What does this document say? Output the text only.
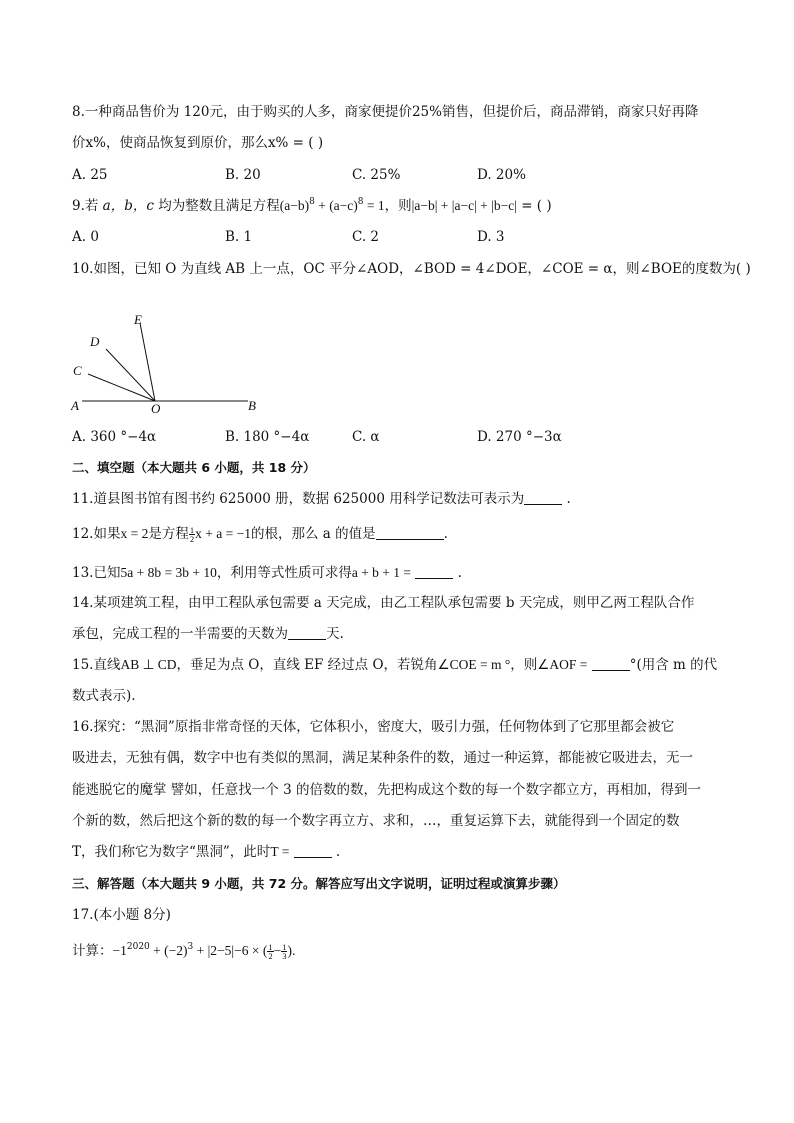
8.一种商品售价为 120元，由于购买的人多，商家便提价25%销售，但提价后，商品滞销，商家只好再降
价x%，使商品恢复到原价，那么x% = ( )
A. 25	B. 20	C. 25%	D. 20%
9.若 a，b，c 均为整数且满足方程$(a-b)^8 + (a-c)^8 = 1$，则|a−b| + |a−c| + |b−c| = ( )
A. 0	B. 1	C. 2	D. 3
10.如图，已知 O 为直线 AB 上一点，OC 平分∠AOD，∠BOD = 4∠DOE，∠COE = α，则∠BOE的度数为( )
E
D
C
A	O	B
A. 360 °−4α	B. 180 °−4α	C. α	D. 270 °−3α
二、填空题（本大题共 6 小题，共 18 分）
11.道县图书馆有图书约 625000 册，数据 625000 用科学记数法可表示为	.
12.如果x = 2是方程 $\frac{1}{2}$ x + a = −1的根，那么 a 的值是	.
13.已知5a + 8b = 3b + 10，利用等式性质可求得a + b + 1 =	.
14.某项建筑工程，由甲工程队承包需要 a 天完成，由乙工程队承包需要 b 天完成，则甲乙两工程队合作
承包，完成工程的一半需要的天数为	天.
15.直线AB ⊥ CD，垂足为点 O，直线 EF 经过点 O，若锐角∠COE = m °，则∠AOF =	°(用含 m 的代
数式表示).
16.探究：“黑洞”原指非常奇怪的天体，它体积小，密度大，吸引力强，任何物体到了它那里都会被它
吸进去，无独有偶，数字中也有类似的黑洞，满足某种条件的数，通过一种运算，都能被它吸进去，无一
能逃脱它的魔掌 譬如，任意找一个 3 的倍数的数，先把构成这个数的每一个数字都立方，再相加，得到一
个新的数，然后把这个新的数的每一个数字再立方、求和，…，重复运算下去，就能得到一个固定的数
T，我们称它为数字“黑洞”，此时T =	.
三、解答题（本大题共 9 小题，共 72 分。解答应写出文字说明，证明过程或演算步骤）
17.(本小题 8分)
计算：$-1^{2020} + (-2)^3 + |2-5|-6$ × ( $\frac{1}{2} - \frac{1}{3}$ ).
